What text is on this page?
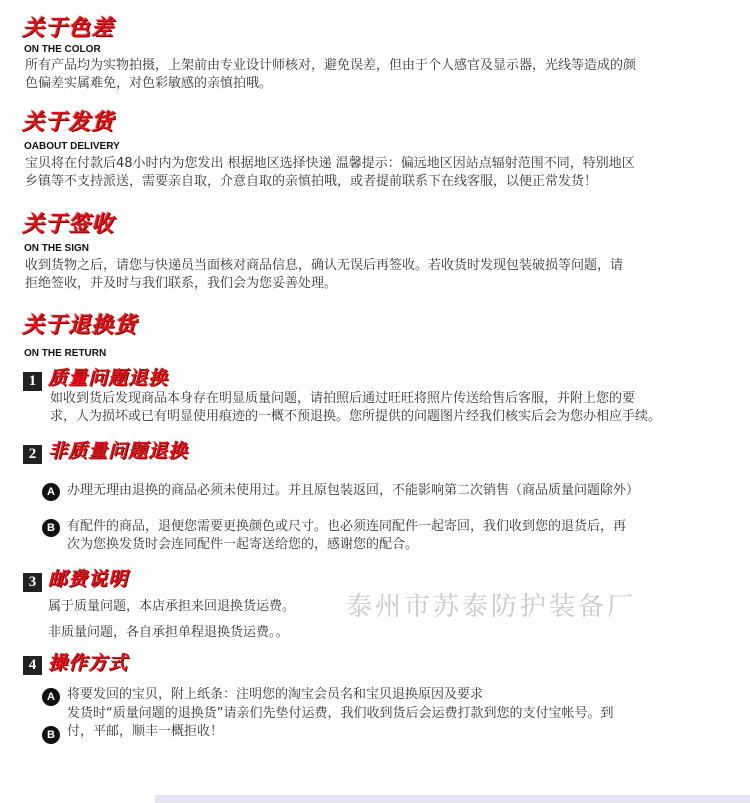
关于色差
ON THE COLOR
所有产品均为实物拍摄，上架前由专业设计师核对，避免误差，但由于个人感官及显示器，光线等造成的颜
色偏差实属难免，对色彩敏感的亲慎拍哦。
关于发货
OABOUT DELIVERY
宝贝将在付款后48小时内为您发出 根据地区选择快递 温馨提示：偏远地区因站点辐射范围不同，特别地区
乡镇等不支持派送，需要亲自取，介意自取的亲慎拍哦，或者提前联系下在线客服，以便正常发货！
关于签收
ON THE SIGN
收到货物之后，请您与快递员当面核对商品信息，确认无误后再签收。若收货时发现包装破损等问题，请
拒绝签收，并及时与我们联系，我们会为您妥善处理。
关于退换货
ON THE RETURN
1 质量问题退换
如收到货后发现商品本身存在明显质量问题，请拍照后通过旺旺将照片传送给售后客服，并附上您的要
求，人为损坏或已有明显使用痕迹的一概不预退换。您所提供的问题图片经我们核实后会为您办相应手续。
2 非质量问题退换
A 办理无理由退换的商品必须未使用过。并且原包装返回，不能影响第二次销售（商品质量问题除外）
B 有配件的商品，退便您需要更换颜色或尺寸。也必须连同配件一起寄回，我们收到您的退货后，再
次为您换发货时会连同配件一起寄送给您的，感谢您的配合。
3 邮费说明
属于质量问题，本店承担来回退换货运费。
非质量问题，各自承担单程退换货运费。。
泰州市苏泰防护装备厂
4 操作方式
A 将要发回的宝贝，附上纸条：注明您的淘宝会员名和宝贝退换原因及要求
发货时“质量问题的退换货”请亲们先垫付运费，我们收到货后会运费打款到您的支付宝帐号。到
B 付，平邮，顺丰一概拒收！
